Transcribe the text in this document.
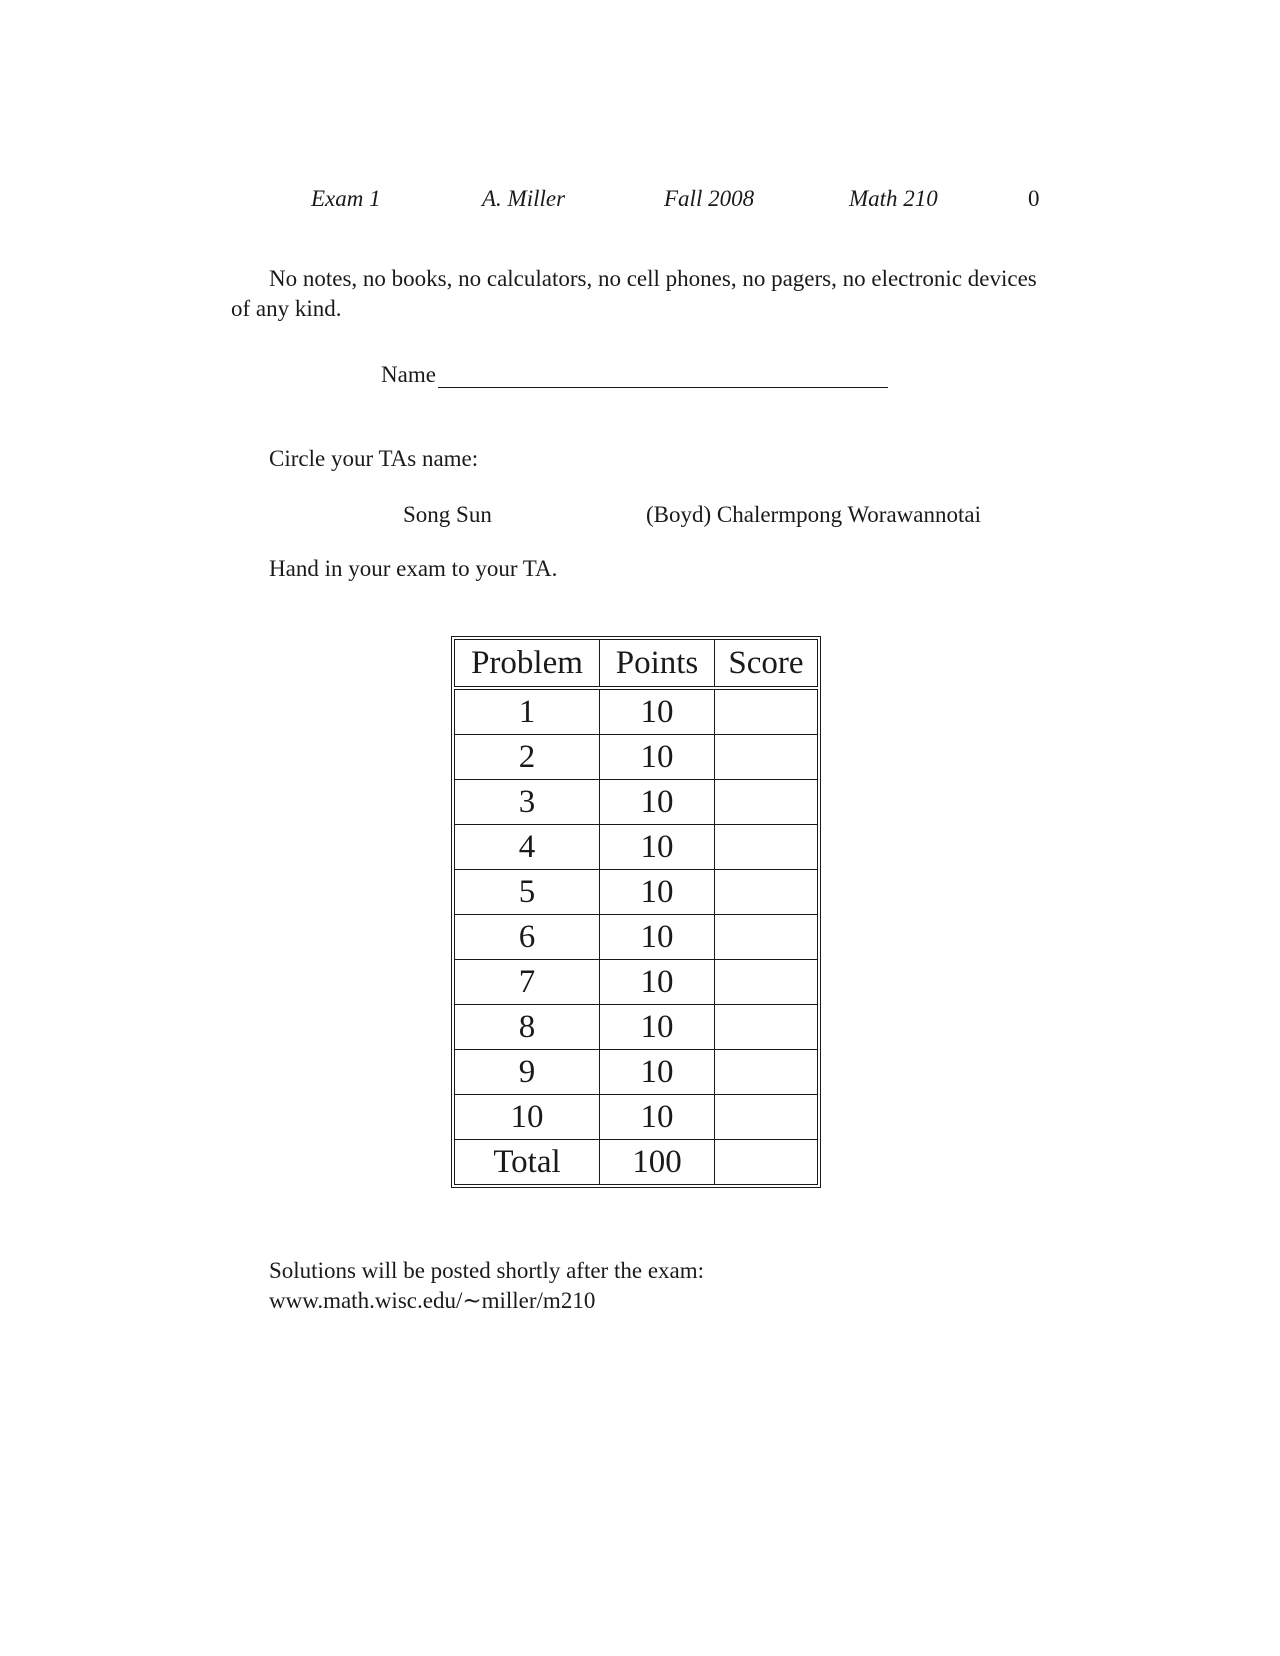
Exam 1	A. Miller	Fall 2008	Math 210	0
No notes, no books, no calculators, no cell phones, no pagers, no electronic devices of any kind.
Name
Circle your TAs name:
Song Sun	(Boyd) Chalermpong Worawannotai
Hand in your exam to your TA.
Problem	Points	Score
1	10	
2	10	
3	10	
4	10	
5	10	
6	10	
7	10	
8	10	
9	10	
10	10	
Total	100	
Solutions will be posted shortly after the exam:
www.math.wisc.edu/∼miller/m210
